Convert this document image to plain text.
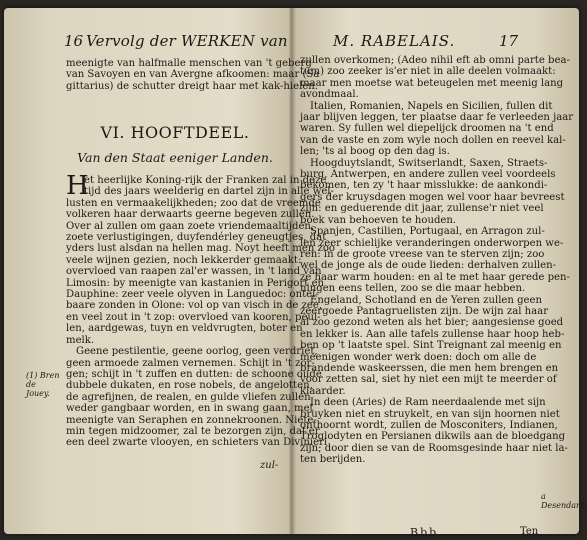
16 Vervolg der WERKEN van
meenigte van halfmalle menschen van 't geberg
van Savoyen en van Avergne afkoomen: maar (Sa
gittarius) de schutter dreigt haar met kak-hielen.
VI. HOOFTDEEL.
Van den Staat eeniger Landen.
H
et heerlijke Koning-rijk der Franken zal in deze
tijd des jaars weelderig en dartel zijn in alle wel-
lusten en vermaakelijkheden; zoo dat de vreemde
volkeren haar derwaarts geerne begeven zullen.
Over al zullen om gaan zoete vriendemaaltijden,
zoete verlustigingen, duyfendérley geneugtjes, dat
yders lust alsdan na hellen mag. Noyt heeft men zoo
veele wijnen gezien, noch lekkerder gemaakt:
overvloed van raapen zal'er wassen, in 't land van
Limosin: by meenigte van kastanien in Perigort en
Dauphine: zeer veele olyven in Languedoc: ontel-
baare zonden in Olone: vol op van visch in de zee,
en veel zout in 't zop: overvloed van kooren, peul-
len, aardgewas, tuyn en veldvrugten, boter en
melk.
Geene pestilentie, geene oorlog, geen verdriet,
geen armoede zalmen vernemen. Schijt in 't zor-
gen; schijt in 't zuffen en dutten: de schoone oude
dubbele dukaten, en rose nobels, de angelotten,
de agrefijnen, de realen, en gulde vliefen zullen
weder gangbaar worden, en in swang gaan, met
meenigte van Seraphen en zonnekroonen. Niete-
min tegen midzoomer, zal te bezorgen zijn, dat'er
een deel zwarte vlooyen, en schieters van Divinieri
zul-
(1) Bren de Jouey.
M. RABELAIS.	17
zullen overkomen; (Adeo nihil eft ab omni parte bea-
tum) zoo zeeker is'er niet in alle deelen volmaakt:
maar men moetse wat beteugelen met meenig lang
avondmaal.
Italien, Romanien, Napels en Sicilien, fullen dit
jaar blijven leggen, ter plaatse daar fe verleeden jaar
waren. Sy fullen wel diepelijck droomen na 't end
van de vaste en zom wyle noch dollen en reevel kal-
len; 'ts al boog op den dag is.
Hoogduytslandt, Switserlandt, Saxen, Straets-
burg, Antwerpen, en andere zullen veel voordeels
bekomen, ten zy 't haar misslukke: de aankondi-
gers der kruysdagen mogen wel voor haar bevreest
zijn: en geduerende dit jaar, zullense'r niet veel
boek van behoeven te houden.
Spanjen, Castilien, Portugaal, en Arragon zul-
len zeer schielijke veranderingen onderworpen we-
ren: in de groote vreese van te sterven zijn; zoo
wel de jonge als de oude lieden: derhalven zullen-
ze haar warm houden: en al te met haar gerede pen-
ningen eens tellen, zoo se die maar hebben.
Engeland, Schotland en de Yeren zullen geen
zeergoede Pantagruelisten zijn. De wijn zal haar
al zoo gezond weten als het bier; aangesiense goed
en lekker is. Aan alle tafels zullense haar hoop heb-
ben op 't laatste spel. Sint Treignant zal meenig en
meenigen wonder werk doen: doch om alle de
brandende waskeerssen, die men hem brengen en
voor zetten sal, siet hy niet een mijt te meerder of
klaarder.
In deen (Aries) de Ram neerdaalende met sijn
bruyken niet en struykelt, en van sijn hoornen niet
onthoornt wordt, zullen de Mosconiters, Indianen,
Troglodyten en Persianen dikwils aan de bloedgang
zijn; door dien se van de Roomsgesinde haar niet la-
ten berijden.
a Desendant.
Bbb	Ten
